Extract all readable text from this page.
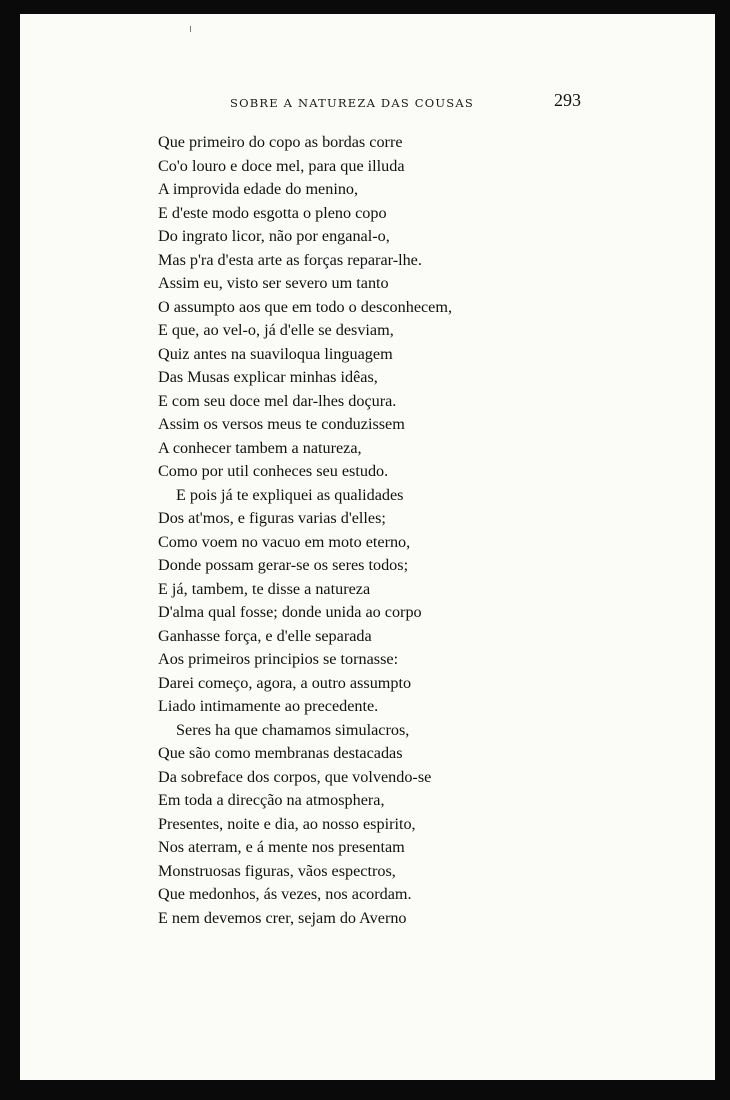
SOBRE A NATUREZA DAS COUSAS	293
Que primeiro do copo as bordas corre
Co'o louro e doce mel, para que illuda
A improvida edade do menino,
E d'este modo esgotta o pleno copo
Do ingrato licor, não por enganal-o,
Mas p'ra d'esta arte as forças reparar-lhe.
Assim eu, visto ser severo um tanto
O assumpto aos que em todo o desconhecem,
E que, ao vel-o, já d'elle se desviam,
Quiz antes na suaviloqua linguagem
Das Musas explicar minhas idêas,
E com seu doce mel dar-lhes doçura.
Assim os versos meus te conduzissem
A conhecer tambem a natureza,
Como por util conheces seu estudo.
E pois já te expliquei as qualidades
Dos at'mos, e figuras varias d'elles;
Como voem no vacuo em moto eterno,
Donde possam gerar-se os seres todos;
E já, tambem, te disse a natureza
D'alma qual fosse; donde unida ao corpo
Ganhasse força, e d'elle separada
Aos primeiros principios se tornasse:
Darei começo, agora, a outro assumpto
Liado intimamente ao precedente.
Seres ha que chamamos simulacros,
Que são como membranas destacadas
Da sobreface dos corpos, que volvendo-se
Em toda a direcção na atmosphera,
Presentes, noite e dia, ao nosso espirito,
Nos aterram, e á mente nos presentam
Monstruosas figuras, vãos espectros,
Que medonhos, ás vezes, nos acordam.
E nem devemos crer, sejam do Averno
